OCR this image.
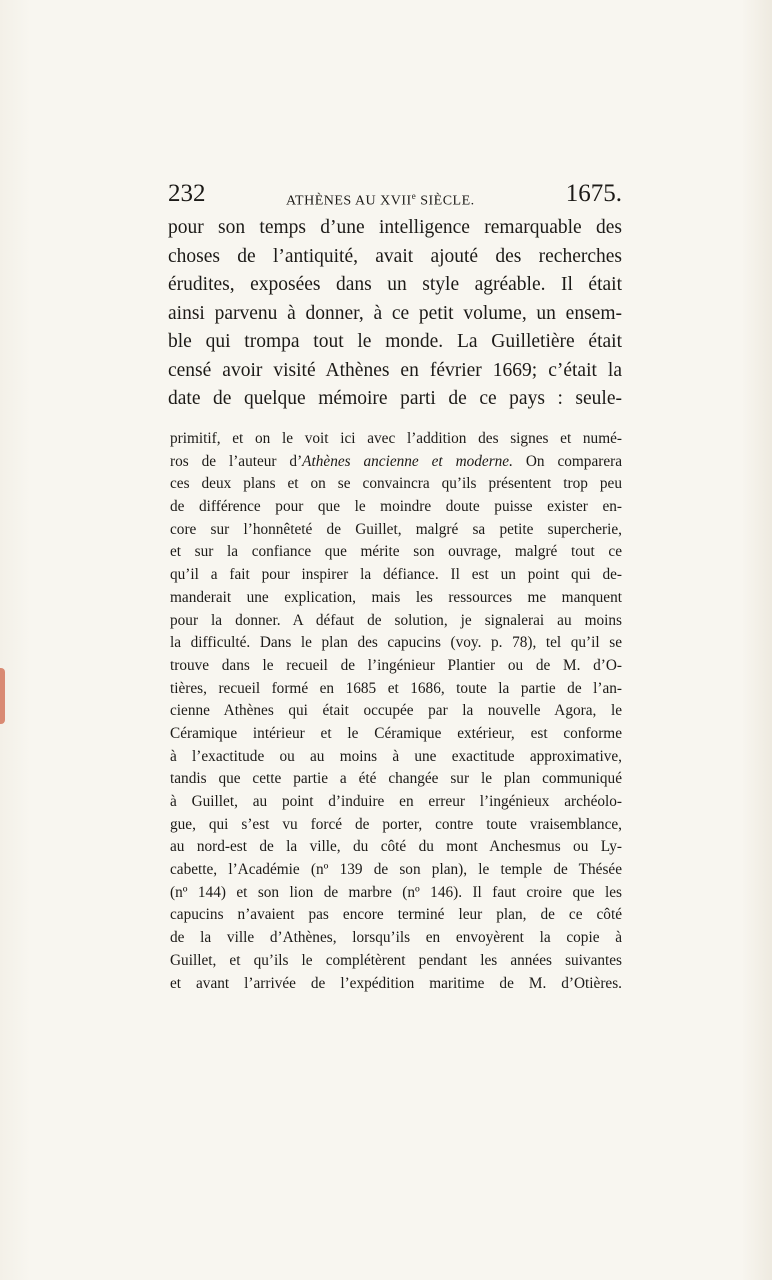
232	ATHÈNES AU XVIIe SIÈCLE.	1675.
pour son temps d’une intelligence remarquable des
choses de l’antiquité, avait ajouté des recherches
érudites, exposées dans un style agréable. Il était
ainsi parvenu à donner, à ce petit volume, un ensem-
ble qui trompa tout le monde. La Guilletière était
censé avoir visité Athènes en février 1669; c’était la
date de quelque mémoire parti de ce pays : seule-
primitif, et on le voit ici avec l’addition des signes et numé-
ros de l’auteur d’Athènes ancienne et moderne. On comparera
ces deux plans et on se convaincra qu’ils présentent trop peu
de différence pour que le moindre doute puisse exister en-
core sur l’honnêteté de Guillet, malgré sa petite supercherie,
et sur la confiance que mérite son ouvrage, malgré tout ce
qu’il a fait pour inspirer la défiance. Il est un point qui de-
manderait une explication, mais les ressources me manquent
pour la donner. A défaut de solution, je signalerai au moins
la difficulté. Dans le plan des capucins (voy. p. 78), tel qu’il se
trouve dans le recueil de l’ingénieur Plantier ou de M. d’O-
tières, recueil formé en 1685 et 1686, toute la partie de l’an-
cienne Athènes qui était occupée par la nouvelle Agora, le
Céramique intérieur et le Céramique extérieur, est conforme
à l’exactitude ou au moins à une exactitude approximative,
tandis que cette partie a été changée sur le plan communiqué
à Guillet, au point d’induire en erreur l’ingénieux archéolo-
gue, qui s’est vu forcé de porter, contre toute vraisemblance,
au nord-est de la ville, du côté du mont Anchesmus ou Ly-
cabette, l’Académie (nº 139 de son plan), le temple de Thésée
(nº 144) et son lion de marbre (nº 146). Il faut croire que les
capucins n’avaient pas encore terminé leur plan, de ce côté
de la ville d’Athènes, lorsqu’ils en envoyèrent la copie à
Guillet, et qu’ils le complétèrent pendant les années suivantes
et avant l’arrivée de l’expédition maritime de M. d’Otières.
